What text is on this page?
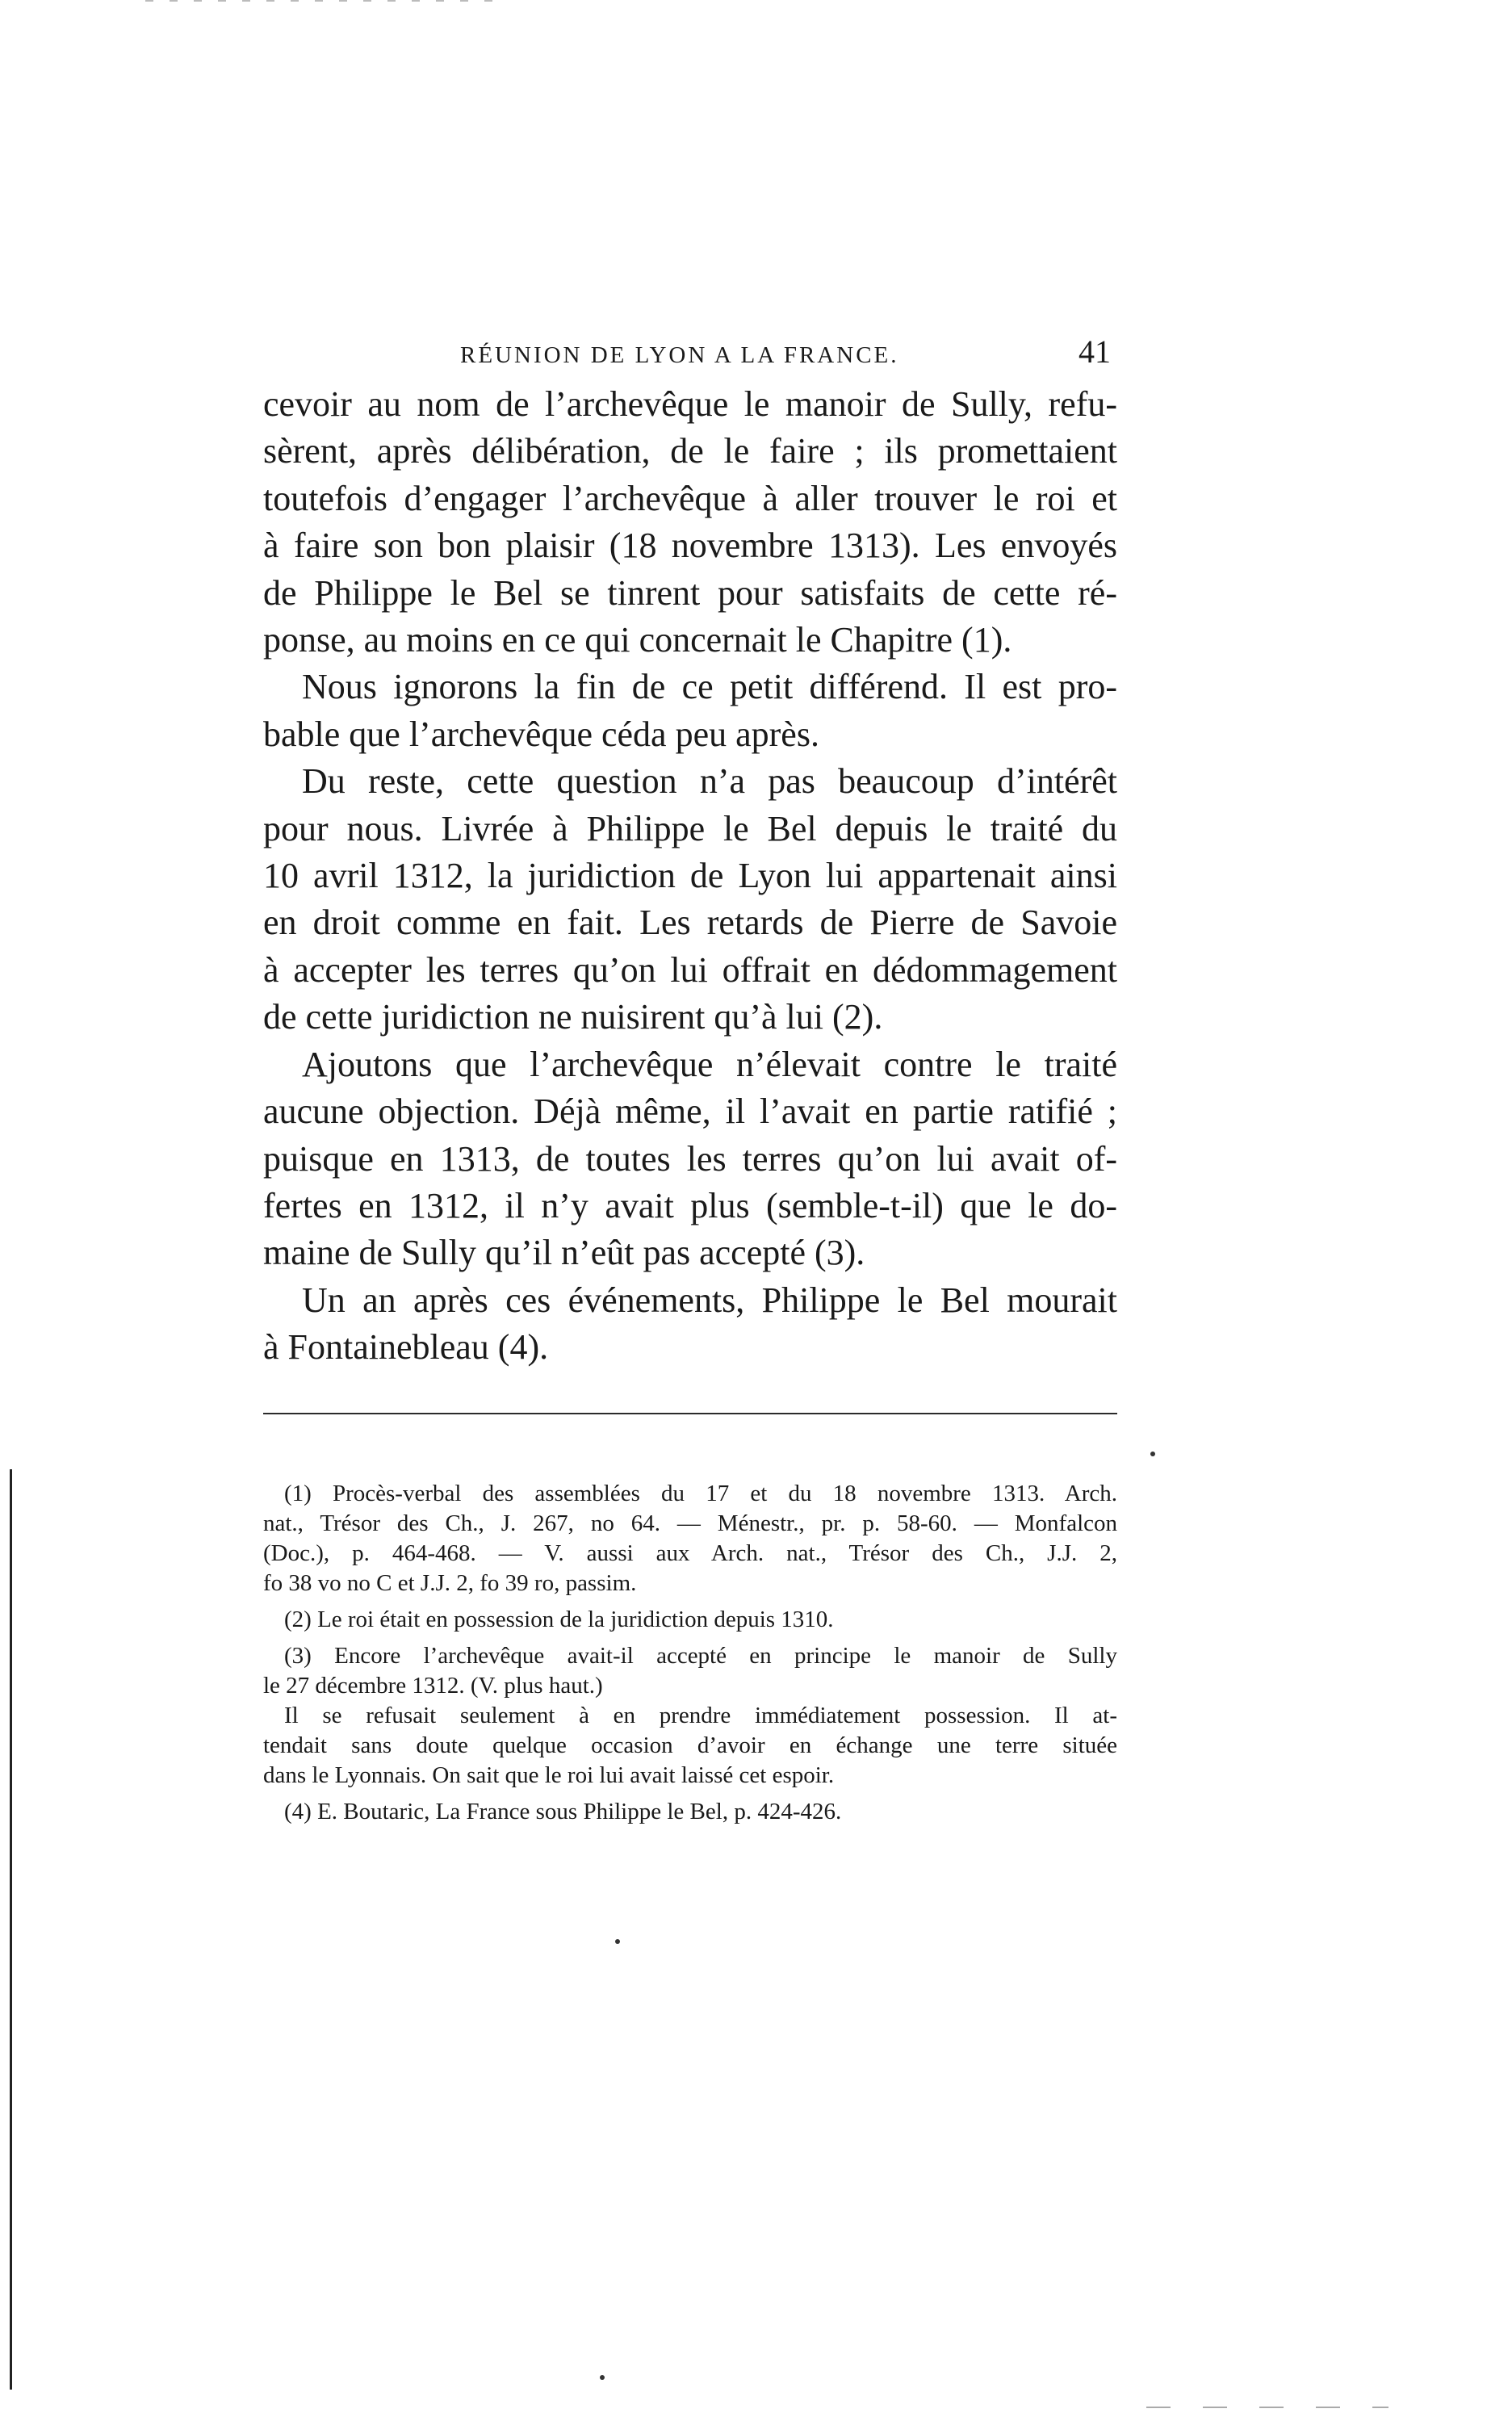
RÉUNION DE LYON A LA FRANCE.	41

cevoir au nom de l’archevêque le manoir de Sully, refu-
sèrent, après délibération, de le faire ; ils promettaient
toutefois d’engager l’archevêque à aller trouver le roi et
à faire son bon plaisir (18 novembre 1313). Les envoyés
de Philippe le Bel se tinrent pour satisfaits de cette ré-
ponse, au moins en ce qui concernait le Chapitre (1).

Nous ignorons la fin de ce petit différend. Il est pro-
bable que l’archevêque céda peu après.

Du reste, cette question n’a pas beaucoup d’intérêt
pour nous. Livrée à Philippe le Bel depuis le traité du
10 avril 1312, la juridiction de Lyon lui appartenait ainsi
en droit comme en fait. Les retards de Pierre de Savoie
à accepter les terres qu’on lui offrait en dédommagement
de cette juridiction ne nuisirent qu’à lui (2).

Ajoutons que l’archevêque n’élevait contre le traité
aucune objection. Déjà même, il l’avait en partie ratifié ;
puisque en 1313, de toutes les terres qu’on lui avait of-
fertes en 1312, il n’y avait plus (semble-t-il) que le do-
maine de Sully qu’il n’eût pas accepté (3).

Un an après ces événements, Philippe le Bel mourait
à Fontainebleau (4).

(1) Procès-verbal des assemblées du 17 et du 18 novembre 1313. Arch.
nat., Trésor des Ch., J. 267, no 64. — Ménestr., pr. p. 58-60. — Monfalcon
(Doc.), p. 464-468. — V. aussi aux Arch. nat., Trésor des Ch., J.J. 2,
fo 38 vo no C et J.J. 2, fo 39 ro, passim.
(2) Le roi était en possession de la juridiction depuis 1310.
(3) Encore l’archevêque avait-il accepté en principe le manoir de Sully
le 27 décembre 1312. (V. plus haut.)
Il se refusait seulement à en prendre immédiatement possession. Il at-
tendait sans doute quelque occasion d’avoir en échange une terre située
dans le Lyonnais. On sait que le roi lui avait laissé cet espoir.
(4) E. Boutaric, La France sous Philippe le Bel, p. 424-426.
